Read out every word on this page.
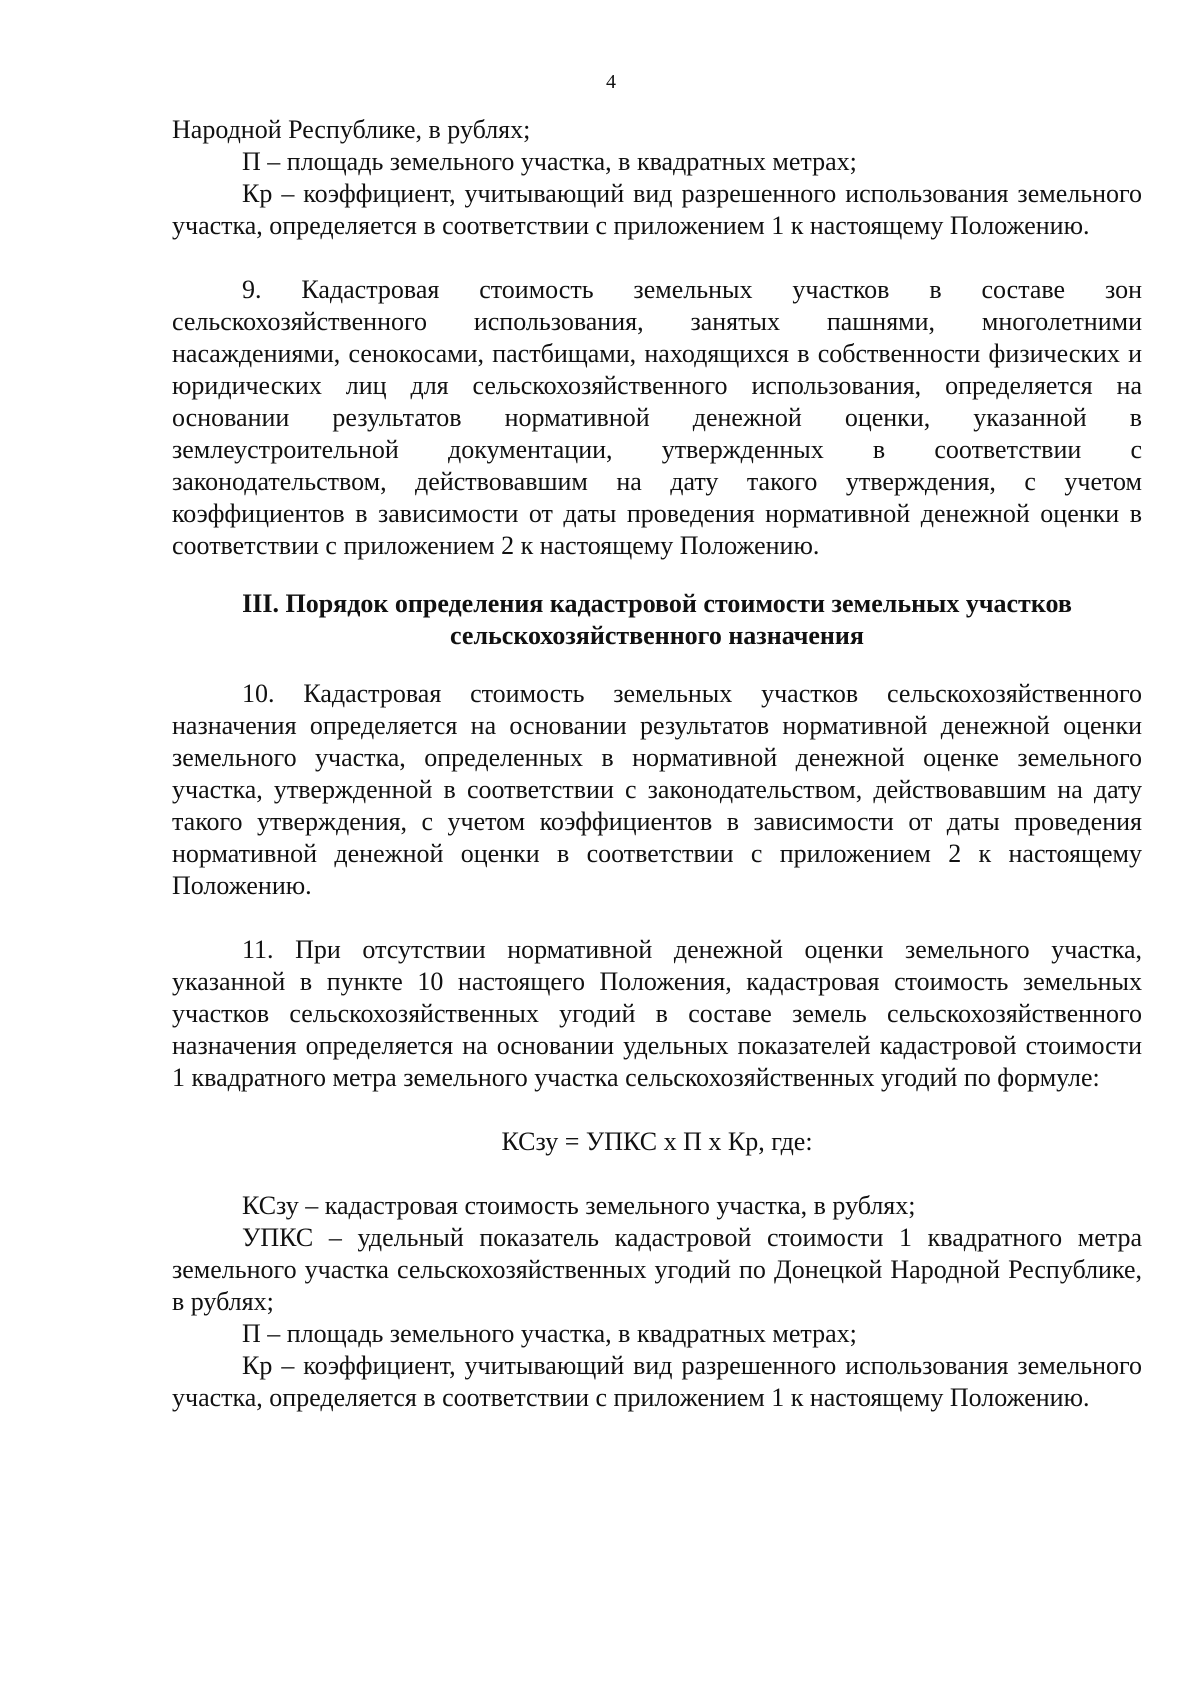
4

Народной Республике, в рублях;

П – площадь земельного участка, в квадратных метрах;

Кр – коэффициент, учитывающий вид разрешенного использования земельного участка, определяется в соответствии с приложением 1 к настоящему Положению.

9. Кадастровая стоимость земельных участков в составе зон сельскохозяйственного использования, занятых пашнями, многолетними насаждениями, сенокосами, пастбищами, находящихся в собственности физических и юридических лиц для сельскохозяйственного использования, определяется на основании результатов нормативной денежной оценки, указанной в землеустроительной документации, утвержденных в соответствии с законодательством, действовавшим на дату такого утверждения, с учетом коэффициентов в зависимости от даты проведения нормативной денежной оценки в соответствии с приложением 2 к настоящему Положению.

III. Порядок определения кадастровой стоимости земельных участков

сельскохозяйственного назначения

10. Кадастровая стоимость земельных участков сельскохозяйственного назначения определяется на основании результатов нормативной денежной оценки земельного участка, определенных в нормативной денежной оценке земельного участка, утвержденной в соответствии с законодательством, действовавшим на дату такого утверждения, с учетом коэффициентов в зависимости от даты проведения нормативной денежной оценки в соответствии с приложением 2 к настоящему Положению.

11. При отсутствии нормативной денежной оценки земельного участка, указанной в пункте 10 настоящего Положения, кадастровая стоимость земельных участков сельскохозяйственных угодий в составе земель сельскохозяйственного назначения определяется на основании удельных показателей кадастровой стоимости 1 квадратного метра земельного участка сельскохозяйственных угодий по формуле:

КСзу = УПКС х П х Кр, где:

КСзу – кадастровая стоимость земельного участка, в рублях;

УПКС – удельный показатель кадастровой стоимости 1 квадратного метра земельного участка сельскохозяйственных угодий по Донецкой Народной Республике, в рублях;

П – площадь земельного участка, в квадратных метрах;

Кр – коэффициент, учитывающий вид разрешенного использования земельного участка, определяется в соответствии с приложением 1 к настоящему Положению.
